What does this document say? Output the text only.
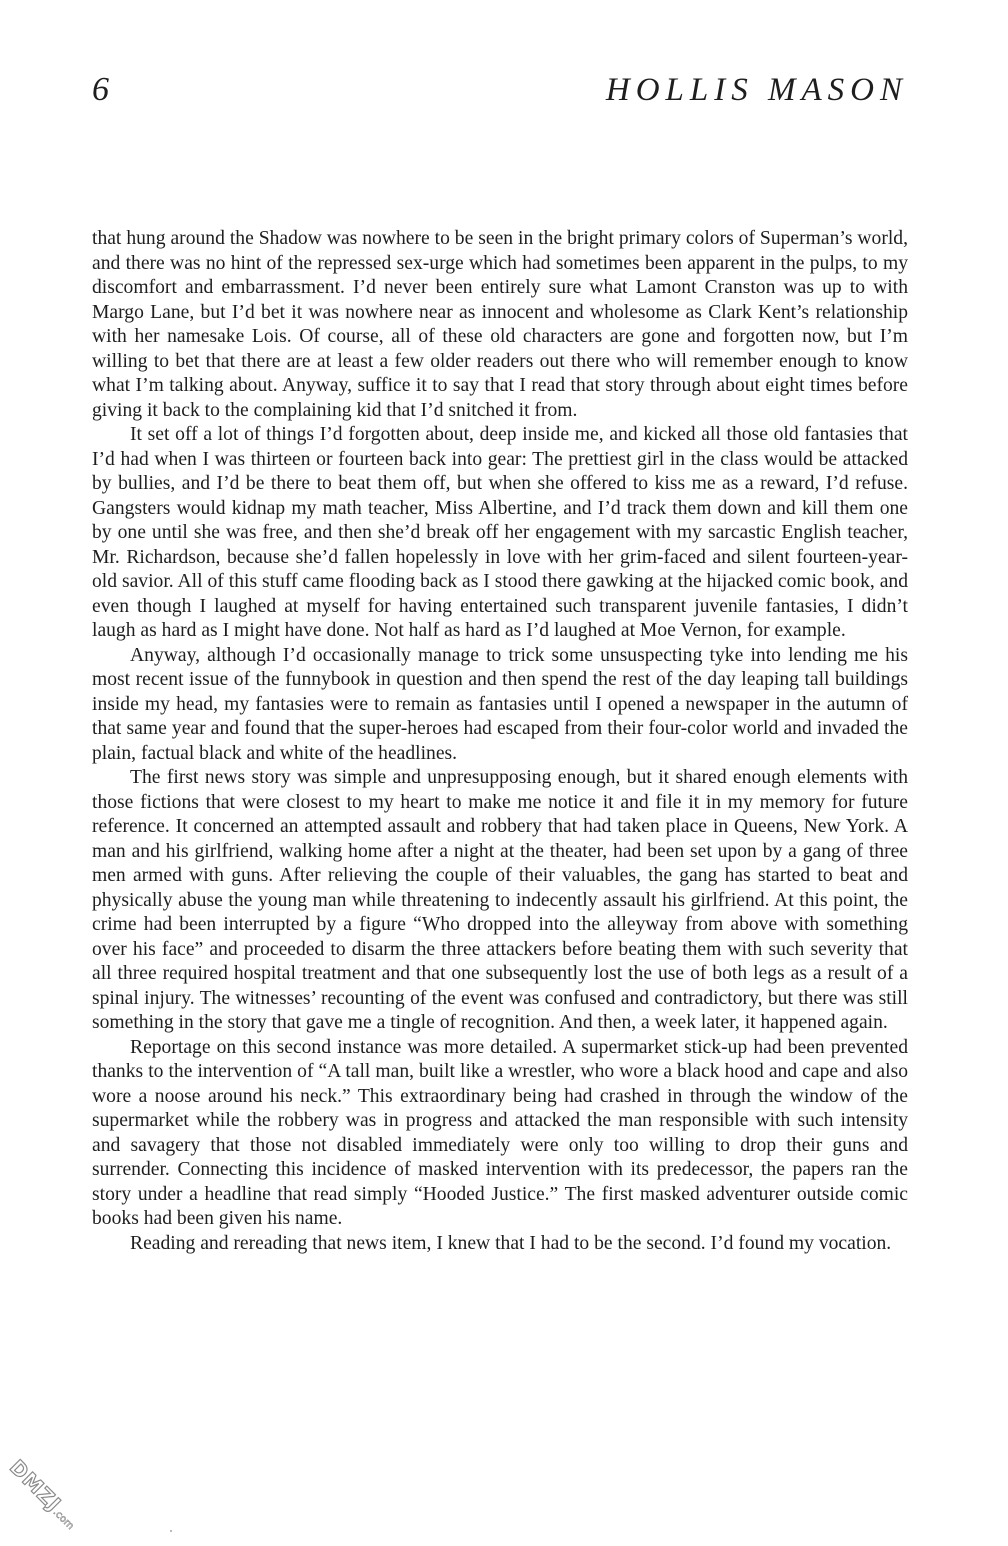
6	HOLLIS MASON

that hung around the Shadow was nowhere to be seen in the bright primary colors of Superman’s world, and there was no hint of the repressed sex-urge which had sometimes been apparent in the pulps, to my discomfort and embarrassment. I’d never been entirely sure what Lamont Cranston was up to with Margo Lane, but I’d bet it was nowhere near as innocent and wholesome as Clark Kent’s relationship with her namesake Lois. Of course, all of these old characters are gone and forgotten now, but I’m willing to bet that there are at least a few older readers out there who will remember enough to know what I’m talking about. Anyway, suffice it to say that I read that story through about eight times before giving it back to the complaining kid that I’d snitched it from.

It set off a lot of things I’d forgotten about, deep inside me, and kicked all those old fantasies that I’d had when I was thirteen or fourteen back into gear: The prettiest girl in the class would be attacked by bullies, and I’d be there to beat them off, but when she offered to kiss me as a reward, I’d refuse. Gangsters would kidnap my math teacher, Miss Albertine, and I’d track them down and kill them one by one until she was free, and then she’d break off her engagement with my sarcastic English teacher, Mr. Richardson, because she’d fallen hopelessly in love with her grim-faced and silent fourteen-year-old savior. All of this stuff came flooding back as I stood there gawking at the hijacked comic book, and even though I laughed at myself for having entertained such transparent juvenile fantasies, I didn’t laugh as hard as I might have done. Not half as hard as I’d laughed at Moe Vernon, for example.

Anyway, although I’d occasionally manage to trick some unsuspecting tyke into lending me his most recent issue of the funnybook in question and then spend the rest of the day leaping tall buildings inside my head, my fantasies were to remain as fantasies until I opened a newspaper in the autumn of that same year and found that the super-heroes had escaped from their four-color world and invaded the plain, factual black and white of the headlines.

The first news story was simple and unpresupposing enough, but it shared enough elements with those fictions that were closest to my heart to make me notice it and file it in my memory for future reference. It concerned an attempted assault and robbery that had taken place in Queens, New York. A man and his girlfriend, walking home after a night at the theater, had been set upon by a gang of three men armed with guns. After relieving the couple of their valuables, the gang has started to beat and physically abuse the young man while threatening to indecently assault his girlfriend. At this point, the crime had been interrupted by a figure “Who dropped into the alleyway from above with something over his face” and proceeded to disarm the three attackers before beating them with such severity that all three required hospital treatment and that one subsequently lost the use of both legs as a result of a spinal injury. The witnesses’ recounting of the event was confused and contradictory, but there was still something in the story that gave me a tingle of recognition. And then, a week later, it happened again.

Reportage on this second instance was more detailed. A supermarket stick-up had been prevented thanks to the intervention of “A tall man, built like a wrestler, who wore a black hood and cape and also wore a noose around his neck.” This extraordinary being had crashed in through the window of the supermarket while the robbery was in progress and attacked the man responsible with such intensity and savagery that those not disabled immediately were only too willing to drop their guns and surrender. Connecting this incidence of masked intervention with its predecessor, the papers ran the story under a headline that read simply “Hooded Justice.” The first masked adventurer outside comic books had been given his name.

Reading and rereading that news item, I knew that I had to be the second. I’d found my vocation.

DMZJ.com
